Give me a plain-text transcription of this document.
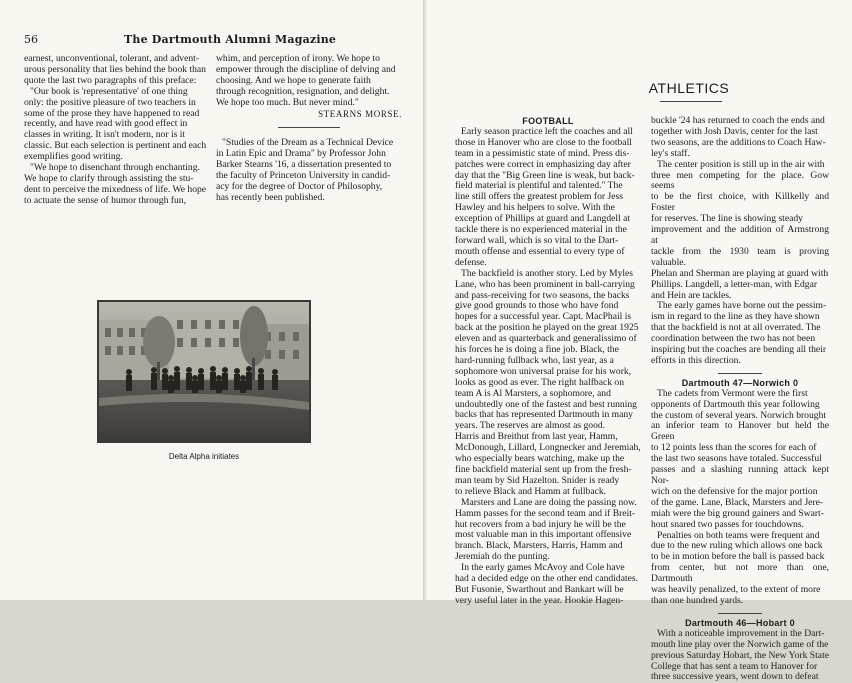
56	The Dartmouth Alumni Magazine
earnest, unconventional, tolerant, and advent-
urous personality that lies behind the book than
quote the last two paragraphs of this preface:
"Our book is 'representative' of one thing
only: the positive pleasure of two teachers in
some of the prose they have happened to read
recently, and have read with good effect in
classes in writing. It isn't modern, nor is it
classic. But each selection is pertinent and each
exemplifies good writing.
"We hope to disenchant through enchanting.
We hope to clarify through assisting the stu-
dent to perceive the mixedness of life. We hope
to actuate the sense of humor through fun,
whim, and perception of irony. We hope to
empower through the discipline of delving and
choosing. And we hope to generate faith
through recognition, resignation, and delight.
We hope too much. But never mind."
STEARNS MORSE.
"Studies of the Dream as a Technical Device
in Latin Epic and Drama" by Professor John
Barker Stearns '16, a dissertation presented to
the faculty of Princeton University in candid-
acy for the degree of Doctor of Philosophy,
has recently been published.
Delta Alpha initiates
ATHLETICS
FOOTBALL
Early season practice left the coaches and all
those in Hanover who are close to the football
team in a pessimistic state of mind. Press dis-
patches were correct in emphasizing day after
day that the "Big Green line is weak, but back-
field material is plentiful and talented." The
line still offers the greatest problem for Jess
Hawley and his helpers to solve. With the
exception of Phillips at guard and Langdell at
tackle there is no experienced material in the
forward wall, which is so vital to the Dart-
mouth offense and essential to every type of
defense.
The backfield is another story. Led by Myles
Lane, who has been prominent in ball-carrying
and pass-receiving for two seasons, the backs
give good grounds to those who have fond
hopes for a successful year. Capt. MacPhail is
back at the position he played on the great 1925
eleven and as quarterback and generalissimo of
his forces he is doing a fine job. Black, the
hard-running fullback who, last year, as a
sophomore won universal praise for his work,
looks as good as ever. The right halfback on
team A is Al Marsters, a sophomore, and
undoubtedly one of the fastest and best running
backs that has represented Dartmouth in many
years. The reserves are almost as good.
Harris and Breithut from last year, Hamm,
McDonough, Lillard, Longnecker and Jeremiah,
who especially bears watching, make up the
fine backfield material sent up from the fresh-
man team by Sid Hazelton. Snider is ready
to relieve Black and Hamm at fullback.
Marsters and Lane are doing the passing now.
Hamm passes for the second team and if Breit-
hut recovers from a bad injury he will be the
most valuable man in this important offensive
branch. Black, Marsters, Harris, Hamm and
Jeremiah do the punting.
In the early games McAvoy and Cole have
had a decided edge on the other end candidates.
But Fusonie, Swarthout and Bankart will be
very useful later in the year. Hookie Hagen-
buckle '24 has returned to coach the ends and
together with Josh Davis, center for the last
two seasons, are the additions to Coach Haw-
ley's staff.
The center position is still up in the air with
three men competing for the place. Gow seems
to be the first choice, with Killkelly and Foster
for reserves. The line is showing steady
improvement and the addition of Armstrong at
tackle from the 1930 team is proving valuable.
Phelan and Sherman are playing at guard with
Phillips. Langdell, a letter-man, with Edgar
and Hein are tackles.
The early games have borne out the pessim-
ism in regard to the line as they have shown
that the backfield is not at all overrated. The
coordination between the two has not been
inspiring but the coaches are bending all their
efforts in this direction.
Dartmouth 47—Norwich 0
The cadets from Vermont were the first
opponents of Dartmouth this year following
the custom of several years. Norwich brought
an inferior team to Hanover but held the Green
to 12 points less than the scores for each of
the last two seasons have totaled. Successful
passes and a slashing running attack kept Nor-
wich on the defensive for the major portion
of the game. Lane, Black, Marsters and Jere-
miah were the big ground gainers and Swart-
hout snared two passes for touchdowns.
Penalties on both teams were frequent and
due to the new ruling which allows one back
to be in motion before the ball is passed back
from center, but not more than one, Dartmouth
was heavily penalized, to the extent of more
than one hundred yards.
Dartmouth 46—Hobart 0
With a noticeable improvement in the Dart-
mouth line play over the Norwich game of the
previous Saturday Hobart, the New York State
College that has sent a team to Hanover for
three successive years, went down to defeat
